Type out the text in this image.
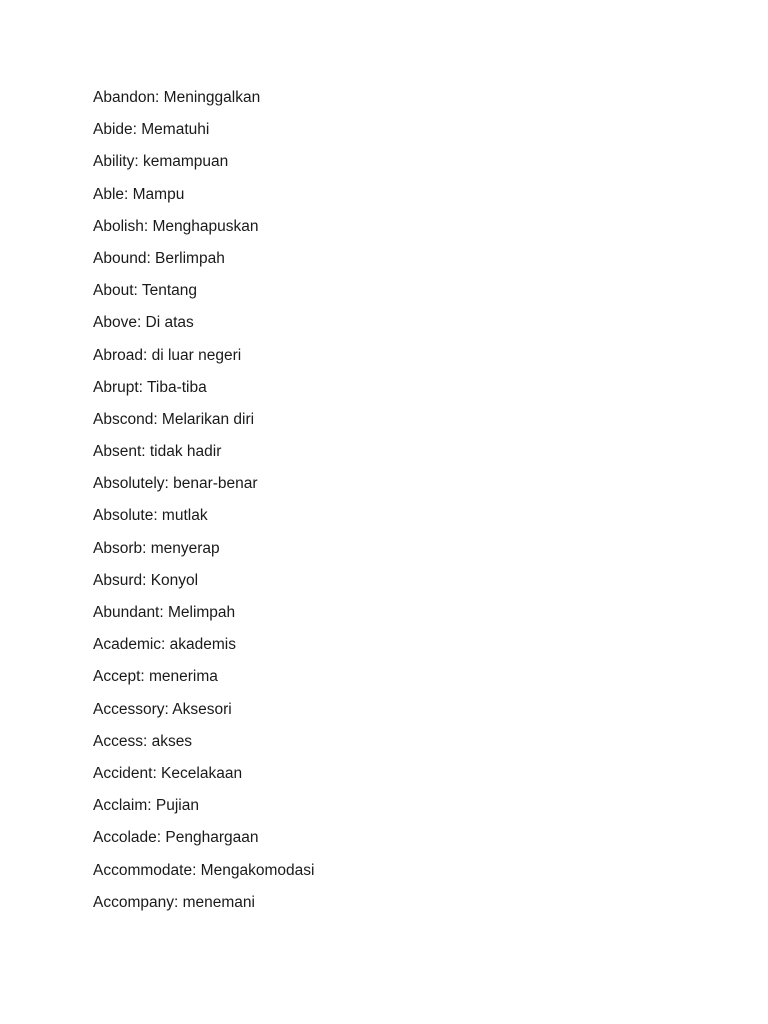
Abandon: Meninggalkan
Abide: Mematuhi
Ability: kemampuan
Able: Mampu
Abolish: Menghapuskan
Abound: Berlimpah
About: Tentang
Above: Di atas
Abroad: di luar negeri
Abrupt: Tiba-tiba
Abscond: Melarikan diri
Absent: tidak hadir
Absolutely: benar-benar
Absolute: mutlak
Absorb: menyerap
Absurd: Konyol
Abundant: Melimpah
Academic: akademis
Accept: menerima
Accessory: Aksesori
Access: akses
Accident: Kecelakaan
Acclaim: Pujian
Accolade: Penghargaan
Accommodate: Mengakomodasi
Accompany: menemani
